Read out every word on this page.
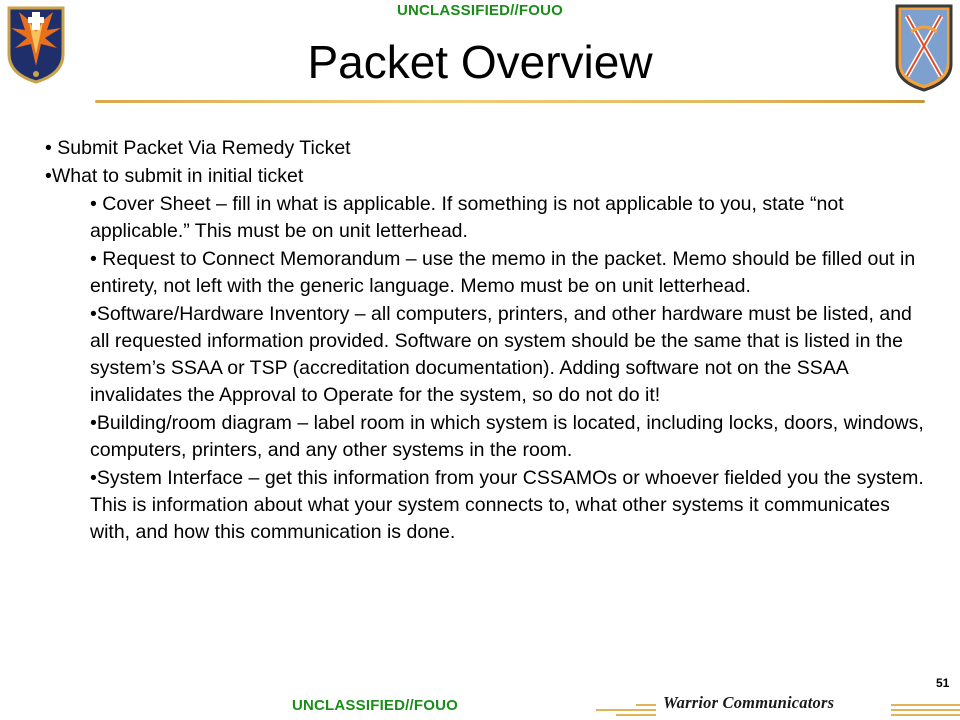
UNCLASSIFIED//FOUO
Packet Overview
• Submit Packet Via Remedy Ticket
•What to submit in initial ticket
• Cover Sheet – fill in what is applicable. If something is not applicable to you, state “not applicable.” This must be on unit letterhead.
• Request to Connect Memorandum – use the memo in the packet. Memo should be filled out in entirety, not left with the generic language. Memo must be on unit letterhead.
•Software/Hardware Inventory – all computers, printers, and other hardware must be listed, and all requested information provided. Software on system should be the same that is listed in the system’s SSAA or TSP (accreditation documentation). Adding software not on the SSAA invalidates the Approval to Operate for the system, so do not do it!
•Building/room diagram – label room in which system is located, including locks, doors, windows, computers, printers, and any other systems in the room.
•System Interface – get this information from your CSSAMOs or whoever fielded you the system. This is information about what your system connects to, what other systems it communicates with, and how this communication is done.
UNCLASSIFIED//FOUO	Warrior Communicators
51
